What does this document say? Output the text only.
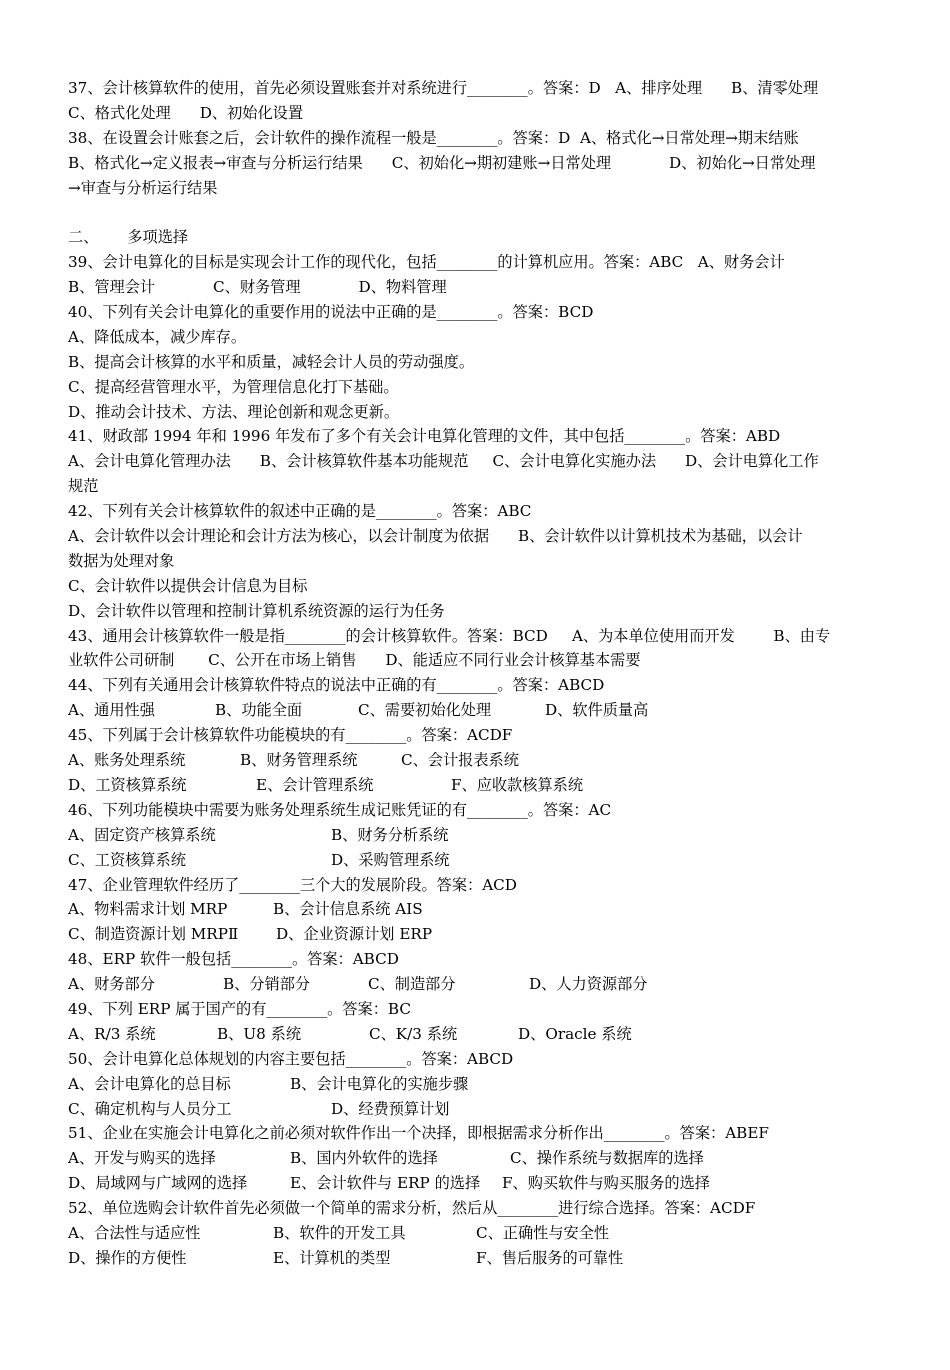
37、会计核算软件的使用，首先必须设置账套并对系统进行________。答案：D   A、排序处理      B、清零处理
C、格式化处理      D、初始化设置
38、在设置会计账套之后，会计软件的操作流程一般是________。答案：D  A、格式化→日常处理→期末结账
B、格式化→定义报表→审查与分析运行结果      C、初始化→期初建账→日常处理            D、初始化→日常处理
→审查与分析运行结果
二、      多项选择
39、会计电算化的目标是实现会计工作的现代化，包括________的计算机应用。答案：ABC   A、财务会计
B、管理会计            C、财务管理            D、物料管理
40、下列有关会计电算化的重要作用的说法中正确的是________。答案：BCD
A、降低成本，减少库存。
B、提高会计核算的水平和质量，减轻会计人员的劳动强度。
C、提高经营管理水平，为管理信息化打下基础。
D、推动会计技术、方法、理论创新和观念更新。
41、财政部 1994 年和 1996 年发布了多个有关会计电算化管理的文件，其中包括________。答案：ABD
A、会计电算化管理办法      B、会计核算软件基本功能规范     C、会计电算化实施办法      D、会计电算化工作
规范
42、下列有关会计核算软件的叙述中正确的是________。答案：ABC
A、会计软件以会计理论和会计方法为核心，以会计制度为依据      B、会计软件以计算机技术为基础，以会计
数据为处理对象
C、会计软件以提供会计信息为目标
D、会计软件以管理和控制计算机系统资源的运行为任务
43、通用会计核算软件一般是指________的会计核算软件。答案：BCD     A、为本单位使用而开发        B、由专
业软件公司研制       C、公开在市场上销售      D、能适应不同行业会计核算基本需要
44、下列有关通用会计核算软件特点的说法中正确的有________。答案：ABCD

A、通用性强

	B、功能全面

	C、需要初始化处理

	D、软件质量高

45、下列属于会计核算软件功能模块的有________。答案：ACDF

A、账务处理系统

	B、财务管理系统

	C、会计报表系统

D、工资核算系统

	E、会计管理系统

	F、应收款核算系统

46、下列功能模块中需要为账务处理系统生成记账凭证的有________。答案：AC

A、固定资产核算系统

	B、财务分析系统

C、工资核算系统

	D、采购管理系统

47、企业管理软件经历了________三个大的发展阶段。答案：ACD

A、物料需求计划 MRP

	B、会计信息系统 AIS

C、制造资源计划 MRPⅡ

D、企业资源计划 ERP

48、ERP 软件一般包括________。答案：ABCD

A、财务部分

	B、分销部分

	C、制造部分

	D、人力资源部分

49、下列 ERP 属于国产的有________。答案：BC

A、R/3 系统

	B、U8 系统

	C、K/3 系统

	D、Oracle 系统

50、会计电算化总体规划的内容主要包括________。答案：ABCD

A、会计电算化的总目标

	B、会计电算化的实施步骤

C、确定机构与人员分工

	D、经费预算计划

51、企业在实施会计电算化之前必须对软件作出一个决择，即根据需求分析作出________。答案：ABEF

A、开发与购买的选择

	B、国内外软件的选择

	C、操作系统与数据库的选择

D、局域网与广域网的选择

	E、会计软件与 ERP 的选择

F、购买软件与购买服务的选择

52、单位选购会计软件首先必须做一个简单的需求分析，然后从________进行综合选择。答案：ACDF

A、合法性与适应性

	B、软件的开发工具

	C、正确性与安全性

D、操作的方便性

	E、计算机的类型

	F、售后服务的可靠性
